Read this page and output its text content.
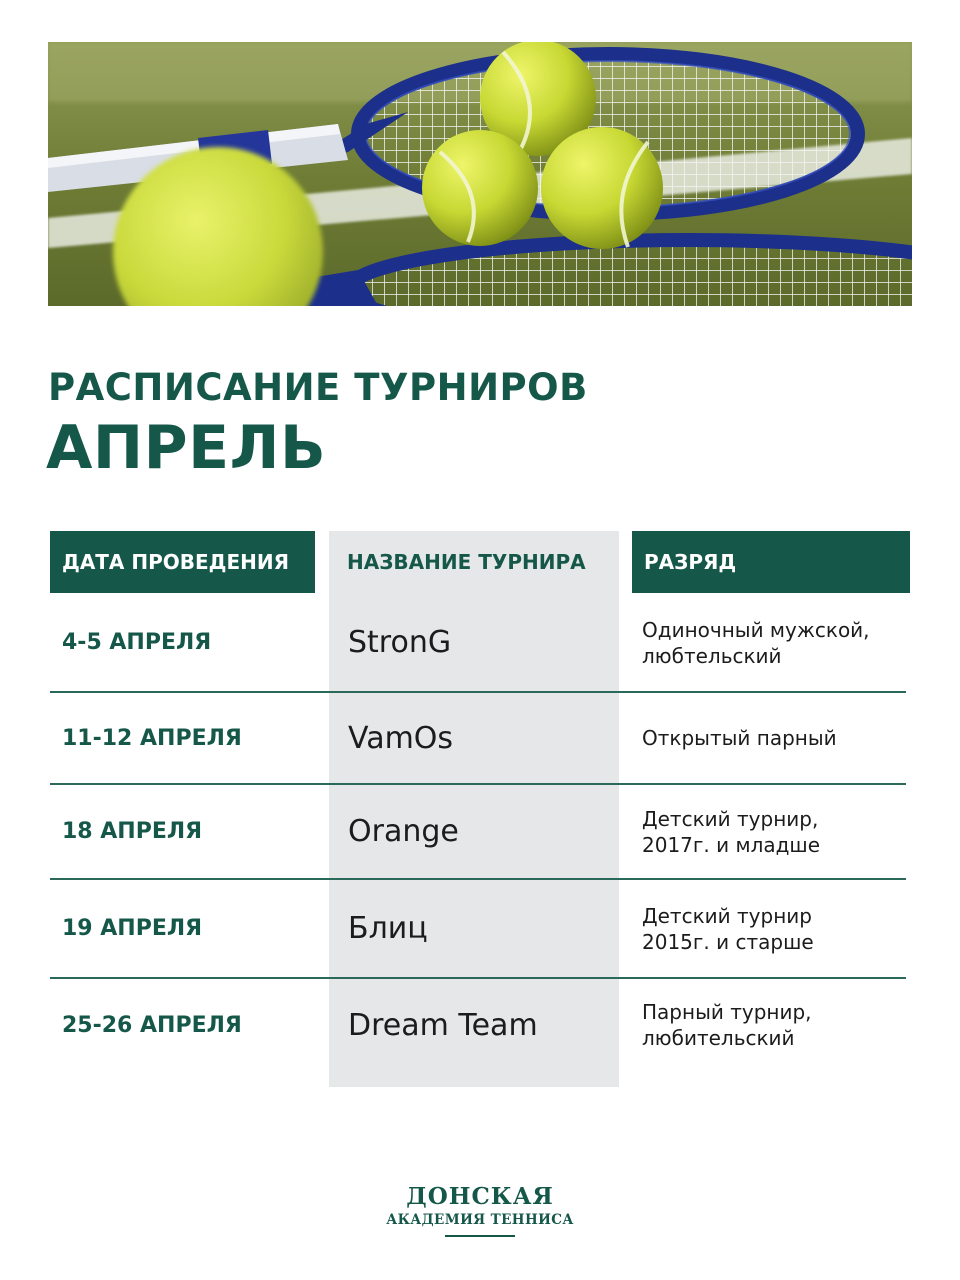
РАСПИСАНИЕ ТУРНИРОВ
АПРЕЛЬ
ДАТА ПРОВЕДЕНИЯ	НАЗВАНИЕ ТУРНИРА	РАЗРЯД
4-5 АПРЕЛЯ	StronG	Одиночный мужской,
любтельский
11-12 АПРЕЛЯ	VamOs	Открытый парный
18 АПРЕЛЯ	Orange	Детский турнир,
2017г. и младше
19 АПРЕЛЯ	Блиц	Детский турнир
2015г. и старше
25-26 АПРЕЛЯ	Dream Team	Парный турнир,
любительский
ДОНСКАЯ
АКАДЕМИЯ ТЕННИСА
